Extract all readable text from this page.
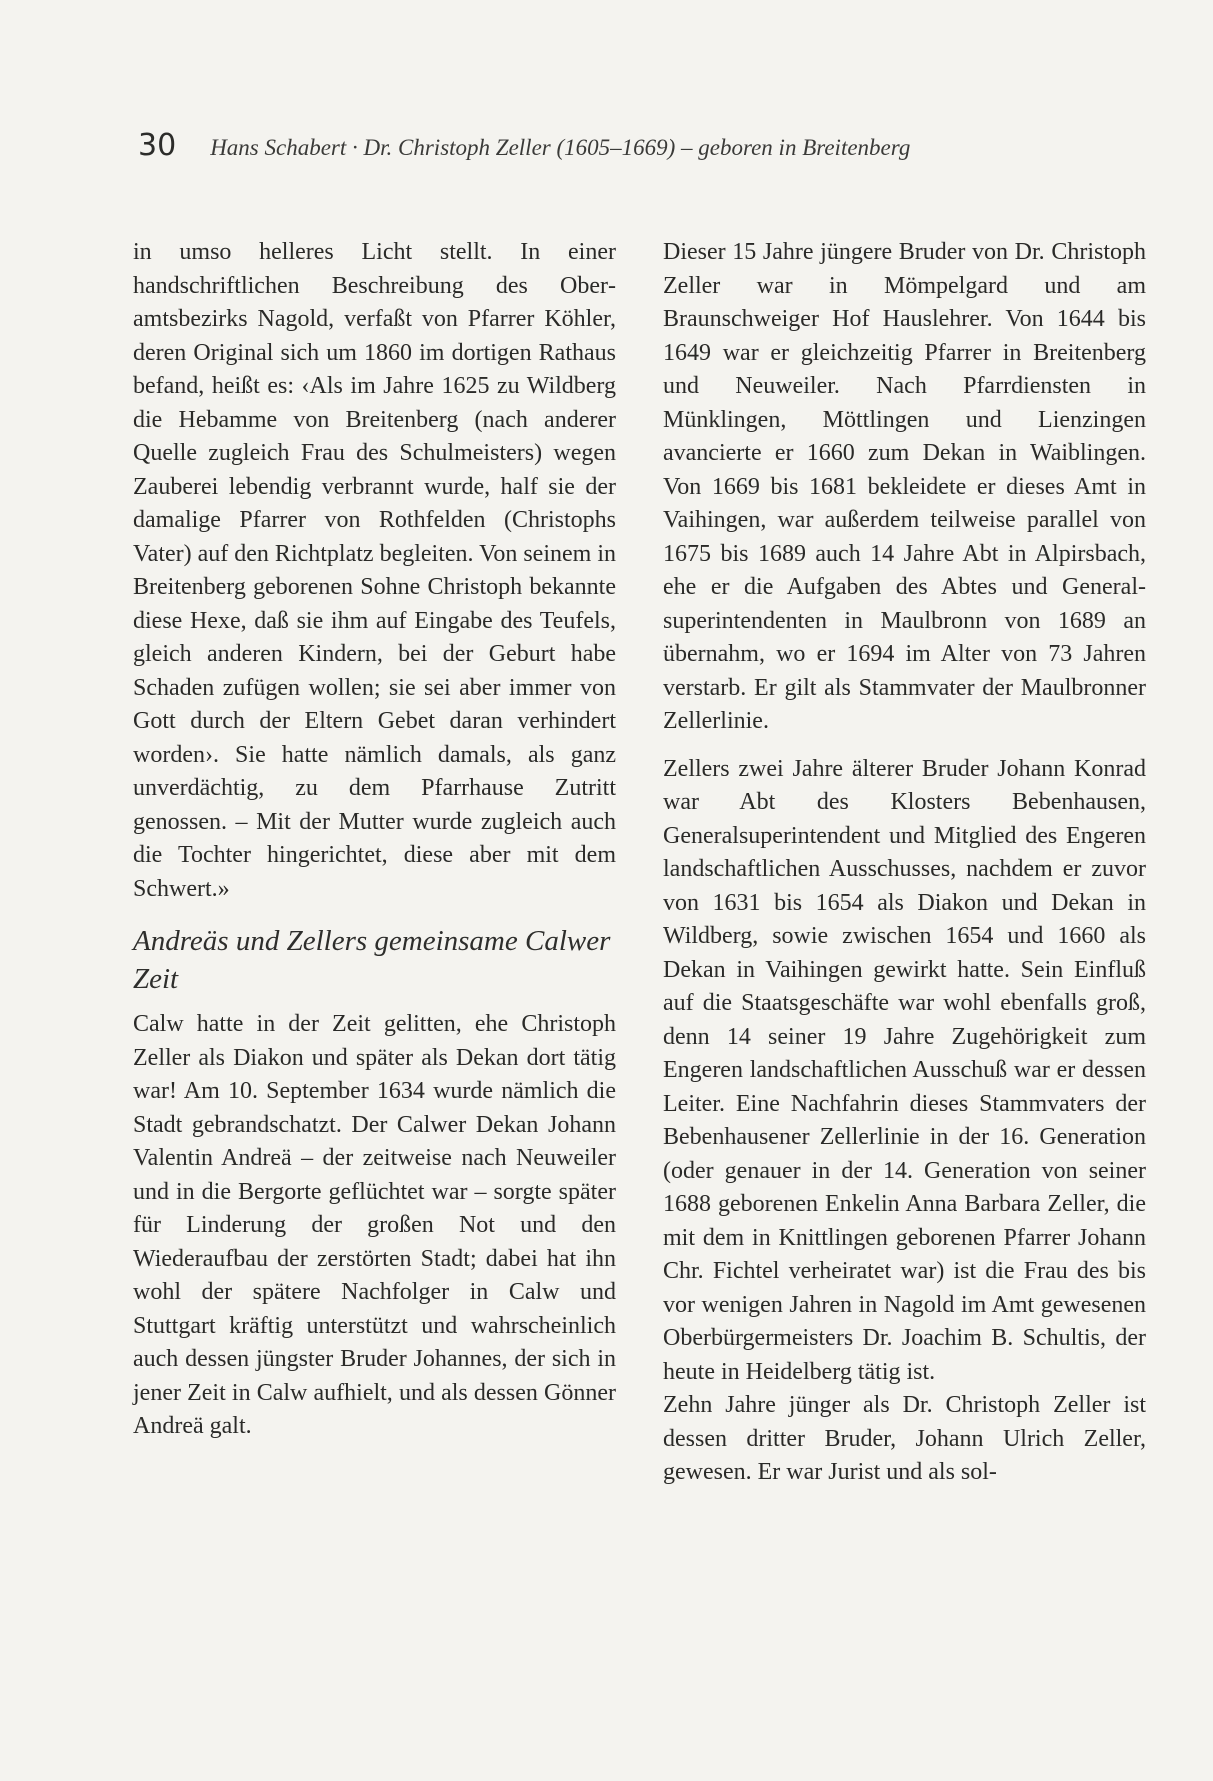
30 Hans Schabert · Dr. Christoph Zeller (1605–1669) – geboren in Breitenberg

in umso helleres Licht stellt. In einer handschriftlichen Beschreibung des Oberamtsbezirks Nagold, verfaßt von Pfarrer Köhler, deren Original sich um 1860 im dortigen Rathaus befand, heißt es: ‹Als im Jahre 1625 zu Wildberg die Hebamme von Breitenberg (nach anderer Quelle zugleich Frau des Schulmeisters) wegen Zauberei lebendig verbrannt wurde, half sie der damalige Pfarrer von Rothfelden (Christophs Vater) auf den Richtplatz begleiten. Von seinem in Breitenberg geborenen Sohne Christoph bekannte diese Hexe, daß sie ihm auf Eingabe des Teufels, gleich anderen Kindern, bei der Geburt habe Schaden zufügen wollen; sie sei aber immer von Gott durch der Eltern Gebet daran verhindert worden›. Sie hatte nämlich damals, als ganz unverdächtig, zu dem Pfarrhause Zutritt genossen. – Mit der Mutter wurde zugleich auch die Tochter hingerichtet, diese aber mit dem Schwert.»

Andreäs und Zellers gemeinsame Calwer Zeit

Calw hatte in der Zeit gelitten, ehe Christoph Zeller als Diakon und später als Dekan dort tätig war! Am 10. September 1634 wurde nämlich die Stadt gebrandschatzt. Der Calwer Dekan Johann Valentin Andreä – der zeitweise nach Neuweiler und in die Bergorte geflüchtet war – sorgte später für Linderung der großen Not und den Wiederaufbau der zerstörten Stadt; dabei hat ihn wohl der spätere Nachfolger in Calw und Stuttgart kräftig unterstützt und wahrscheinlich auch dessen jüngster Bruder Johannes, der sich in jener Zeit in Calw aufhielt, und als dessen Gönner Andreä galt.

Dieser 15 Jahre jüngere Bruder von Dr. Christoph Zeller war in Mömpelgard und am Braunschweiger Hof Hauslehrer. Von 1644 bis 1649 war er gleichzeitig Pfarrer in Breitenberg und Neuweiler. Nach Pfarrdiensten in Münklingen, Möttlingen und Lienzingen avancierte er 1660 zum Dekan in Waiblingen. Von 1669 bis 1681 bekleidete er dieses Amt in Vaihingen, war außerdem teilweise parallel von 1675 bis 1689 auch 14 Jahre Abt in Alpirsbach, ehe er die Aufgaben des Abtes und Generalsuperintendenten in Maulbronn von 1689 an übernahm, wo er 1694 im Alter von 73 Jahren verstarb. Er gilt als Stammvater der Maulbronner Zellerlinie.

Zellers zwei Jahre älterer Bruder Johann Konrad war Abt des Klosters Bebenhausen, Generalsuperintendent und Mitglied des Engeren landschaftlichen Ausschusses, nachdem er zuvor von 1631 bis 1654 als Diakon und Dekan in Wildberg, sowie zwischen 1654 und 1660 als Dekan in Vaihingen gewirkt hatte. Sein Einfluß auf die Staatsgeschäfte war wohl ebenfalls groß, denn 14 seiner 19 Jahre Zugehörigkeit zum Engeren landschaftlichen Ausschuß war er dessen Leiter. Eine Nachfahrin dieses Stammvaters der Bebenhausener Zellerlinie in der 16. Generation (oder genauer in der 14. Generation von seiner 1688 geborenen Enkelin Anna Barbara Zeller, die mit dem in Knittlingen geborenen Pfarrer Johann Chr. Fichtel verheiratet war) ist die Frau des bis vor wenigen Jahren in Nagold im Amt gewesenen Oberbürgermeisters Dr. Joachim B. Schultis, der heute in Heidelberg tätig ist.

Zehn Jahre jünger als Dr. Christoph Zeller ist dessen dritter Bruder, Johann Ulrich Zeller, gewesen. Er war Jurist und als sol-
